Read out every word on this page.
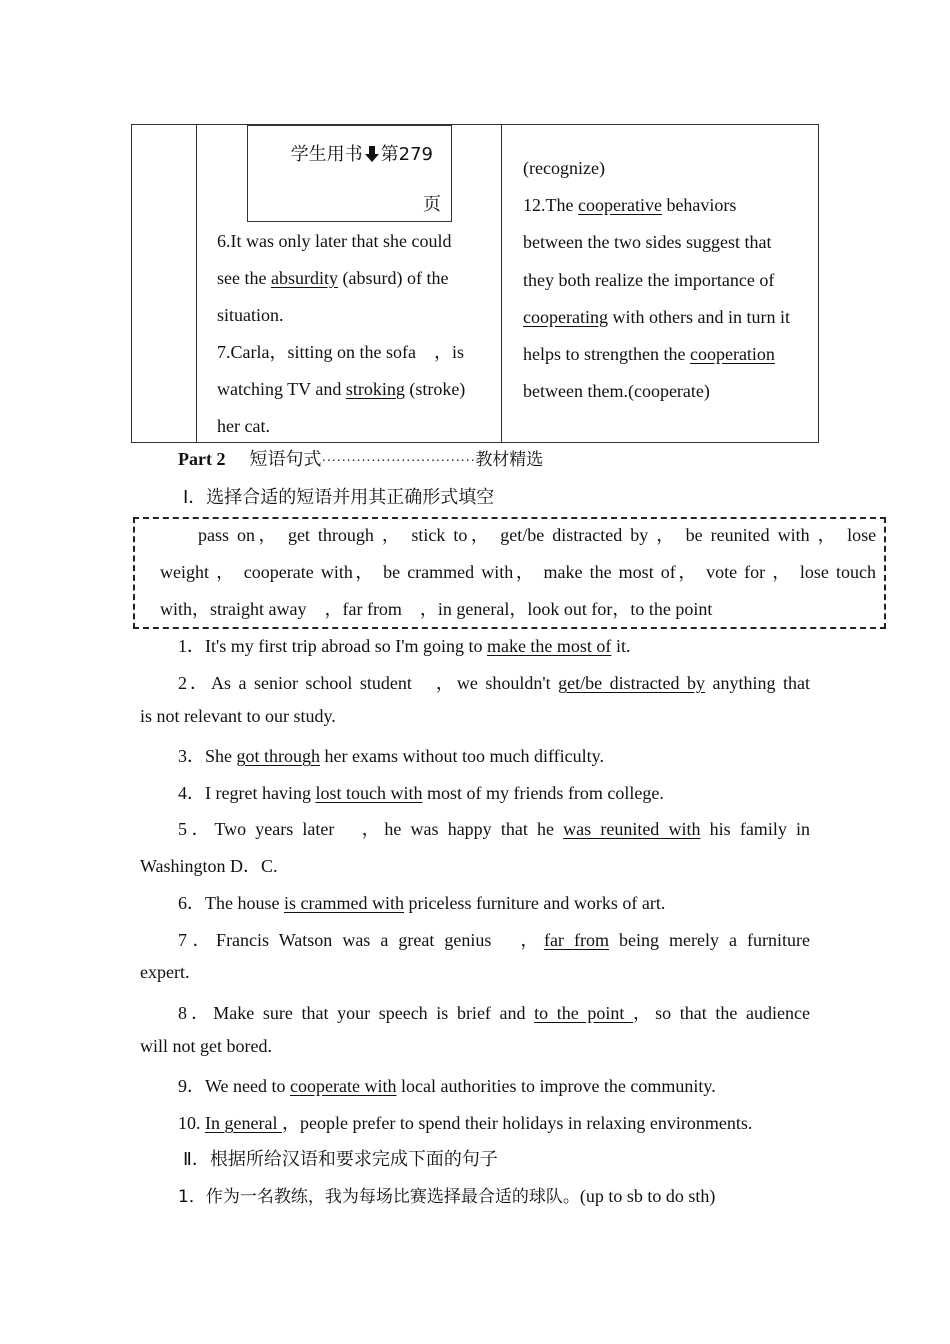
学生用书 第279
页
6.It was only later that she could
see the absurdity (absurd) of the
situation.
7.Carla，sitting on the sofa　，is
watching TV and stroking (stroke)
her cat.
(recognize)
12.The cooperative behaviors
between the two sides suggest that
they both realize the importance of
cooperating with others and in turn it
helps to strengthen the cooperation
between them.(cooperate)
Part 2 短语句式·······························教材精选
Ⅰ．选择合适的短语并用其正确形式填空
pass on， get through ， stick to， get/be distracted by ， be reunited with ， lose
weight ， cooperate with， be crammed with， make the most of， vote for ， lose touch
with，straight away　，far from　，in general，look out for，to the point
1．It's my first trip abroad so I'm going to make the most of it.
2．As a senior school student　，we shouldn't get/be distracted by anything that
is not relevant to our study.
3．She got through her exams without too much difficulty.
4．I regret having lost touch with most of my friends from college.
5．Two years later　，he was happy that he was reunited with his family in
Washington D．C.
6．The house is crammed with priceless furniture and works of art.
7．Francis Watson was a great genius　，far from being merely a furniture
expert.
8．Make sure that your speech is brief and to the point ，so that the audience
will not get bored.
9．We need to cooperate with local authorities to improve the community.
10. In general ，people prefer to spend their holidays in relaxing environments.
Ⅱ．根据所给汉语和要求完成下面的句子
1．作为一名教练，我为每场比赛选择最合适的球队。(up to sb to do sth)
